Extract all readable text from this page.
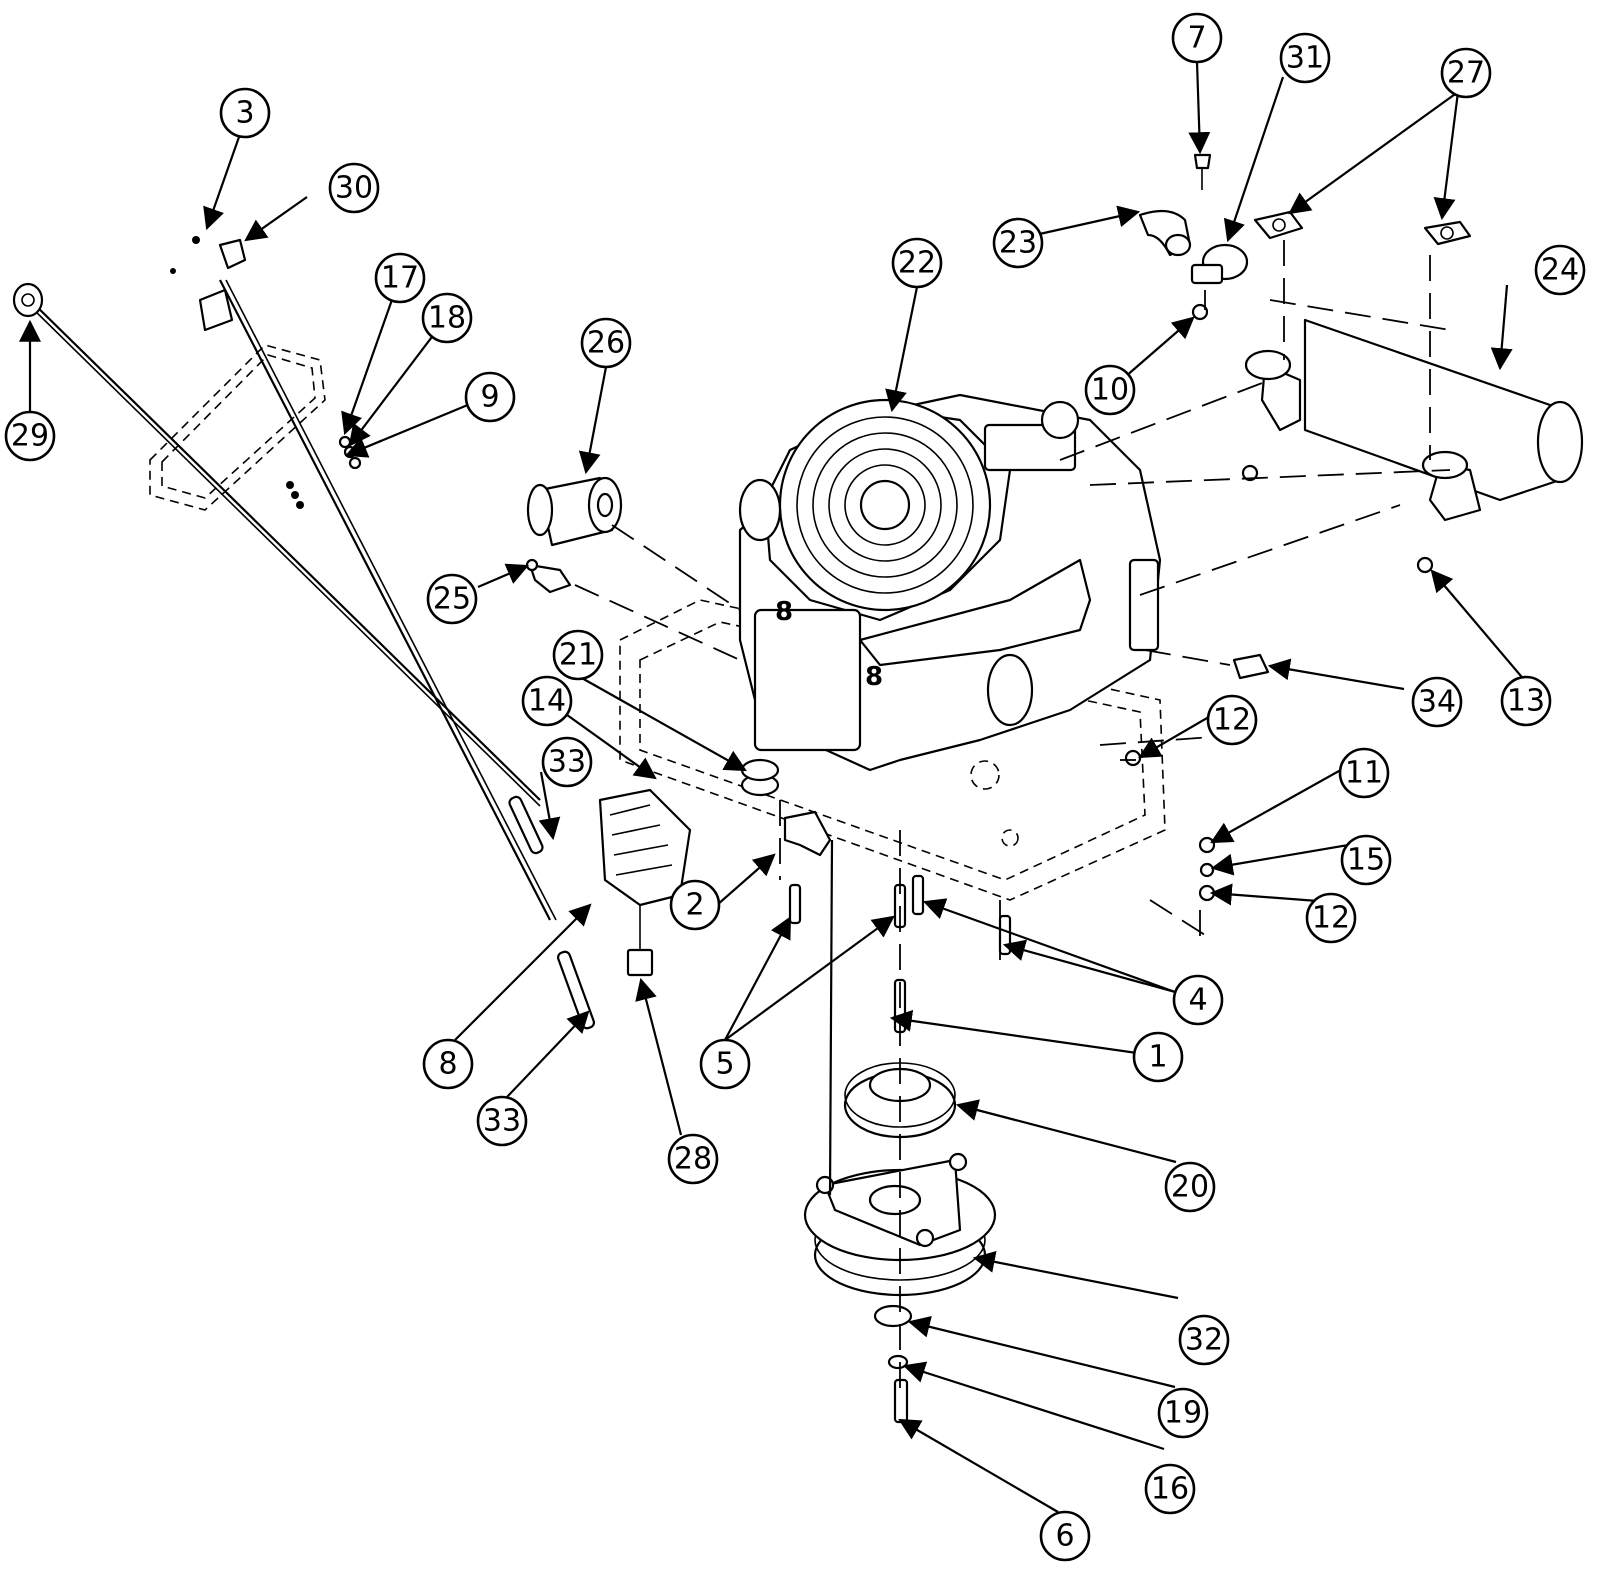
8
8
1
2
3
4
5
6
7
8
9	10
11
12
12
13
14
15
16
17
18
19
20
21
22
23
24
25
26
27
28
29
30
31
32
33
33
34
